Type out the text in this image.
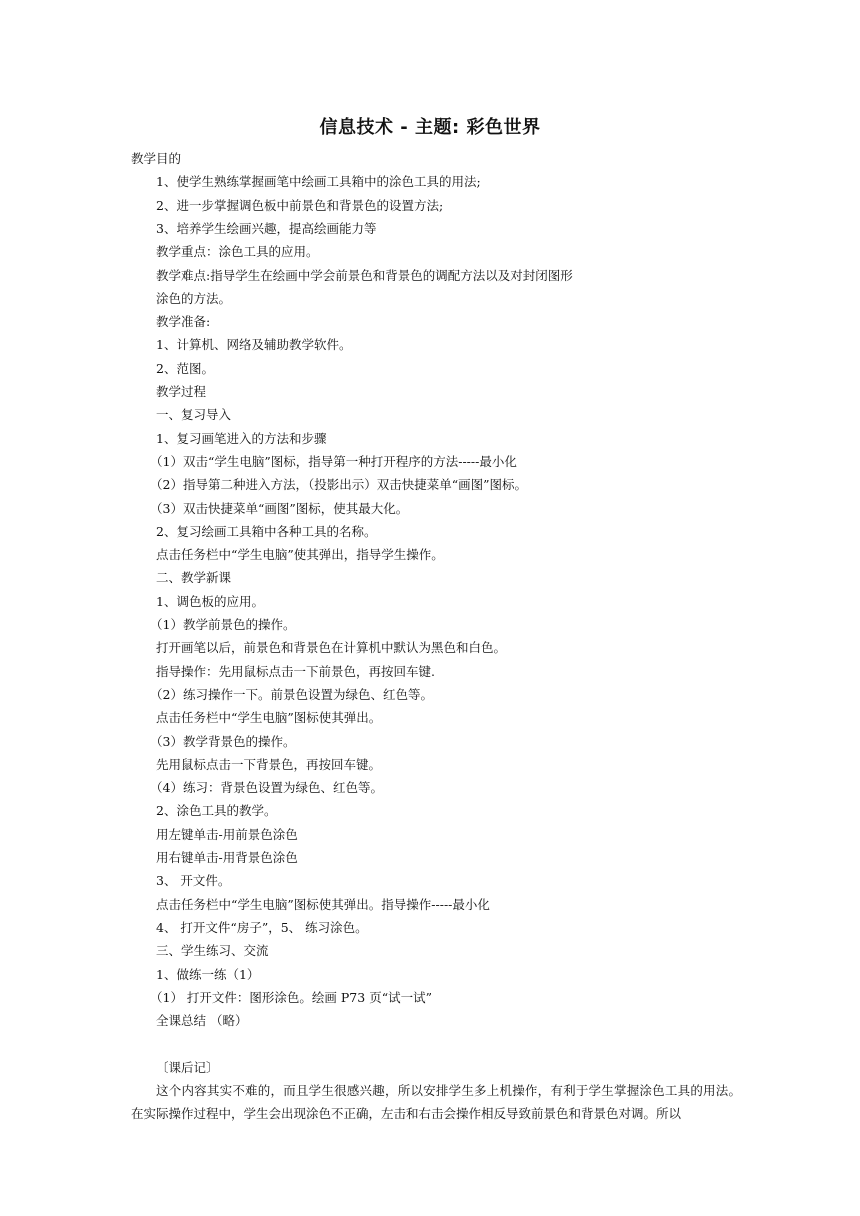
信息技术 - 主题: 彩色世界
教学目的
1、使学生熟练掌握画笔中绘画工具箱中的涂色工具的用法;
2、进一步掌握调色板中前景色和背景色的设置方法;
3、培养学生绘画兴趣，提高绘画能力等
教学重点：涂色工具的应用。
教学难点:指导学生在绘画中学会前景色和背景色的调配方法以及对封闭图形
涂色的方法。
教学准备:
1、计算机、网络及辅助教学软件。
2、范图。
教学过程
一、复习导入
1、复习画笔进入的方法和步骤
（1）双击“学生电脑”图标，指导第一种打开程序的方法-----最小化
（2）指导第二种进入方法，（投影出示）双击快捷菜单“画图”图标。
（3）双击快捷菜单“画图”图标，使其最大化。
2、复习绘画工具箱中各种工具的名称。
点击任务栏中“学生电脑”使其弹出，指导学生操作。
二、教学新课
1、调色板的应用。
（1）教学前景色的操作。
打开画笔以后，前景色和背景色在计算机中默认为黑色和白色。
指导操作：先用鼠标点击一下前景色，再按回车键.
（2）练习操作一下。前景色设置为绿色、红色等。
点击任务栏中“学生电脑”图标使其弹出。
（3）教学背景色的操作。
先用鼠标点击一下背景色，再按回车键。
（4）练习：背景色设置为绿色、红色等。
2、涂色工具的教学。
用左键单击-用前景色涂色
用右键单击-用背景色涂色
3、 开文件。
点击任务栏中“学生电脑”图标使其弹出。指导操作-----最小化
4、 打开文件“房子”，5、 练习涂色。
三、学生练习、交流
1、做练一练（1）
（1） 打开文件：图形涂色。绘画 P73 页“试一试”
全课总结 （略）
〔课后记〕
这个内容其实不难的，而且学生很感兴趣，所以安排学生多上机操作，有利于学生掌握涂色工具的用法。在实际操作过程中，学生会出现涂色不正确，左击和右击会操作相反导致前景色和背景色对调。所以
